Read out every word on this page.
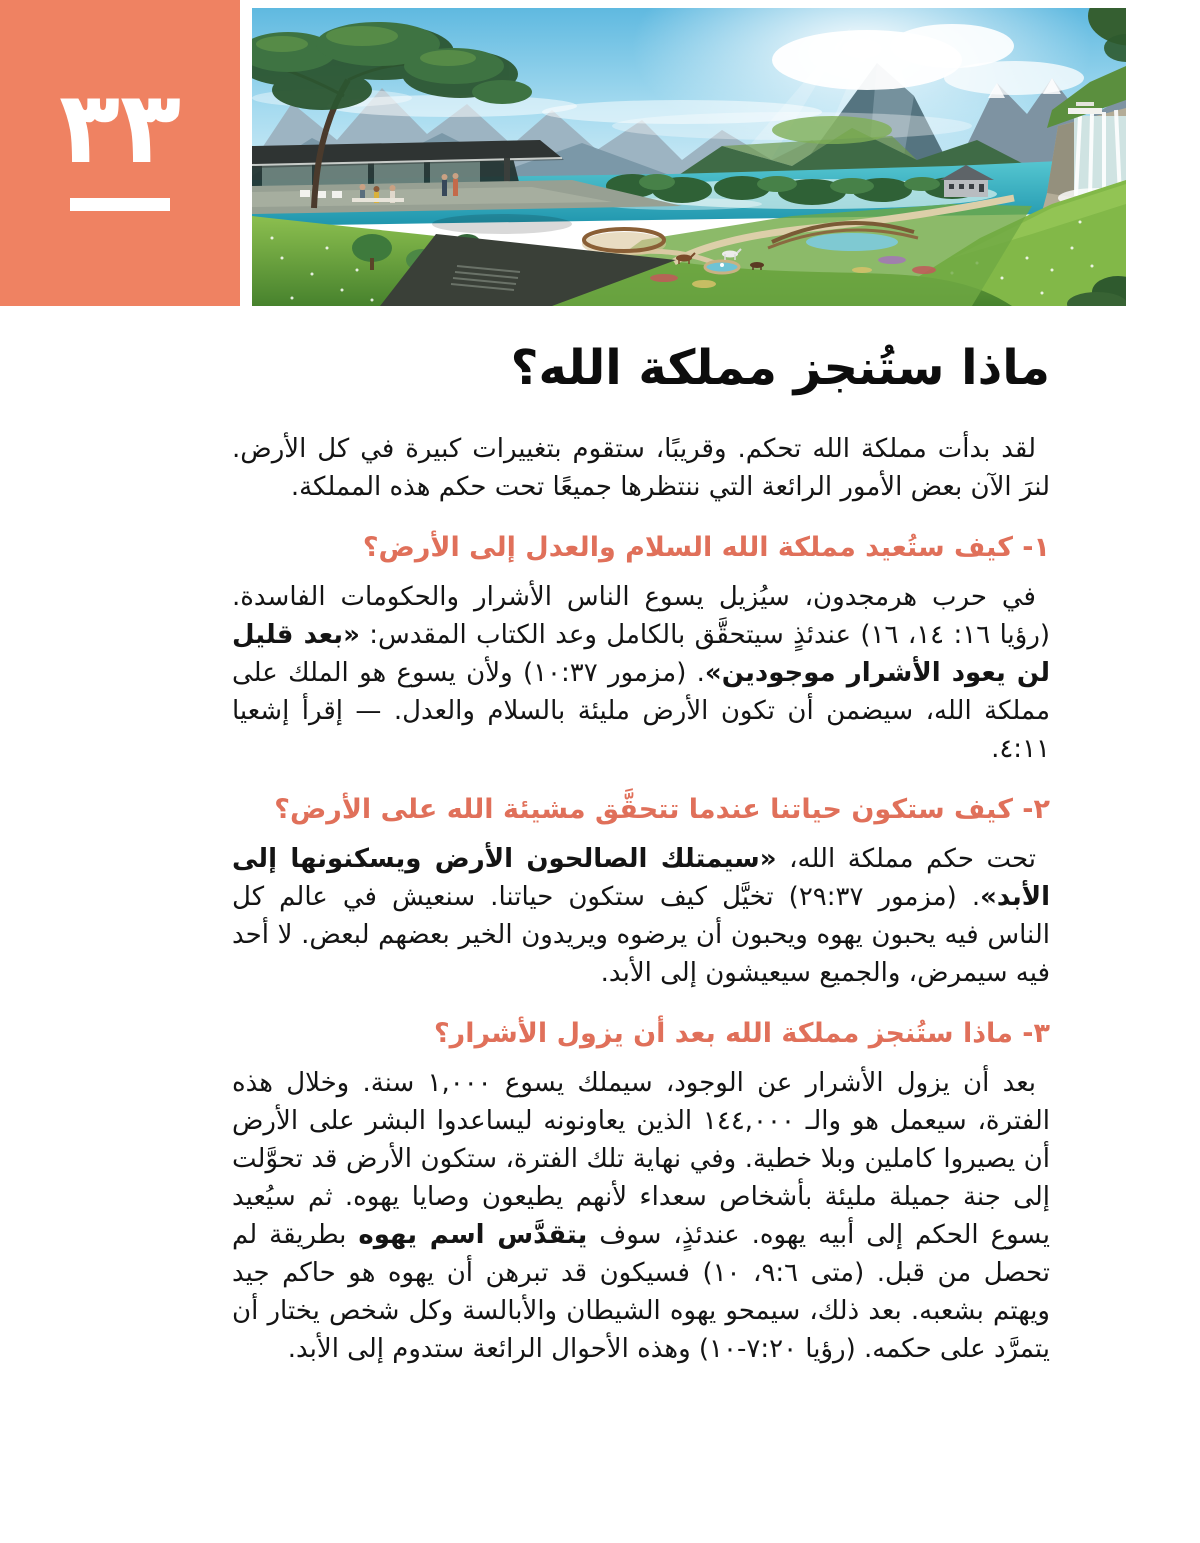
٣٣
ماذا ستُنجز مملكة الله؟

لقد بدأت مملكة الله تحكم. وقريبًا، ستقوم بتغييرات كبيرة في كل الأرض. لنرَ الآن بعض الأمور الرائعة التي ننتظرها جميعًا تحت حكم هذه المملكة.

١- كيف ستُعيد مملكة الله السلام والعدل إلى الأرض؟

في حرب هرمجدون، سيُزيل يسوع الناس الأشرار والحكومات الفاسدة. (رؤيا ١٦: ١٤، ١٦) عندئذٍ سيتحقَّق بالكامل وعد الكتاب المقدس: «بعد قليل لن يعود الأشرار موجودين». (مزمور ١٠:٣٧) ولأن يسوع هو الملك على مملكة الله، سيضمن أن تكون الأرض مليئة بالسلام والعدل. — إقرأ إشعيا ٤:١١.

٢- كيف ستكون حياتنا عندما تتحقَّق مشيئة الله على الأرض؟

تحت حكم مملكة الله، «سيمتلك الصالحون الأرض ويسكنونها إلى الأبد». (مزمور ٢٩:٣٧) تخيَّل كيف ستكون حياتنا. سنعيش في عالم كل الناس فيه يحبون يهوه ويحبون أن يرضوه ويريدون الخير بعضهم لبعض. لا أحد فيه سيمرض، والجميع سيعيشون إلى الأبد.

٣- ماذا ستُنجز مملكة الله بعد أن يزول الأشرار؟

بعد أن يزول الأشرار عن الوجود، سيملك يسوع ١,٠٠٠ سنة. وخلال هذه الفترة، سيعمل هو والـ ١٤٤,٠٠٠ الذين يعاونونه ليساعدوا البشر على الأرض أن يصيروا كاملين وبلا خطية. وفي نهاية تلك الفترة، ستكون الأرض قد تحوَّلت إلى جنة جميلة مليئة بأشخاص سعداء لأنهم يطيعون وصايا يهوه. ثم سيُعيد يسوع الحكم إلى أبيه يهوه. عندئذٍ، سوف يتقدَّس اسم يهوه بطريقة لم تحصل من قبل. (متى ٩:٦، ١٠) فسيكون قد تبرهن أن يهوه هو حاكم جيد ويهتم بشعبه. بعد ذلك، سيمحو يهوه الشيطان والأبالسة وكل شخص يختار أن يتمرَّد على حكمه. (رؤيا ٧:٢٠-١٠) وهذه الأحوال الرائعة ستدوم إلى الأبد.
